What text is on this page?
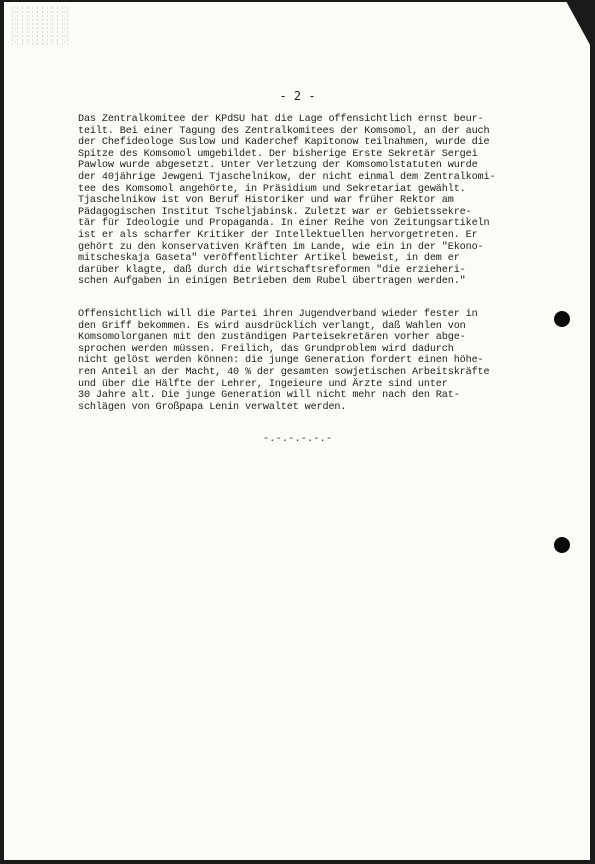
- 2 -

Das Zentralkomitee der KPdSU hat die Lage offensichtlich ernst beur-
teilt. Bei einer Tagung des Zentralkomitees der Komsomol, an der auch
der Chefideologe Suslow und Kaderchef Kapitonow teilnahmen, wurde die
Spitze des Komsomol umgebildet. Der bisherige Erste Sekretär Sergei
Pawlow wurde abgesetzt. Unter Verletzung der Komsomolstatuten wurde
der 40jährige Jewgeni Tjaschelnikow, der nicht einmal dem Zentralkomi-
tee des Komsomol angehörte, in Präsidium und Sekretariat gewählt.
Tjaschelnikow ist von Beruf Historiker und war früher Rektor am
Pädagogischen Institut Tscheljabinsk. Zuletzt war er Gebietssekre-
tär für Ideologie und Propaganda. In einer Reihe von Zeitungsartikeln
ist er als scharfer Kritiker der Intellektuellen hervorgetreten. Er
gehört zu den konservativen Kräften im Lande, wie ein in der "Ekono-
mitscheskaja Gaseta" veröffentlichter Artikel beweist, in dem er
darüber klagte, daß durch die Wirtschaftsreformen "die erzieheri-
schen Aufgaben in einigen Betrieben dem Rubel übertragen werden."
Offensichtlich will die Partei ihren Jugendverband wieder fester in
den Griff bekommen. Es wird ausdrücklich verlangt, daß Wahlen von
Komsomolorganen mit den zuständigen Parteisekretären vorher abge-
sprochen werden müssen. Freilich, das Grundproblem wird dadurch
nicht gelöst werden können: die junge Generation fordert einen höhe-
ren Anteil an der Macht, 40 % der gesamten sowjetischen Arbeitskräfte
und über die Hälfte der Lehrer, Ingeieure und Ärzte sind unter
30 Jahre alt. Die junge Generation will nicht mehr nach den Rat-
schlägen von Großpapa Lenin verwaltet werden.

-.-.-.-.-.-
